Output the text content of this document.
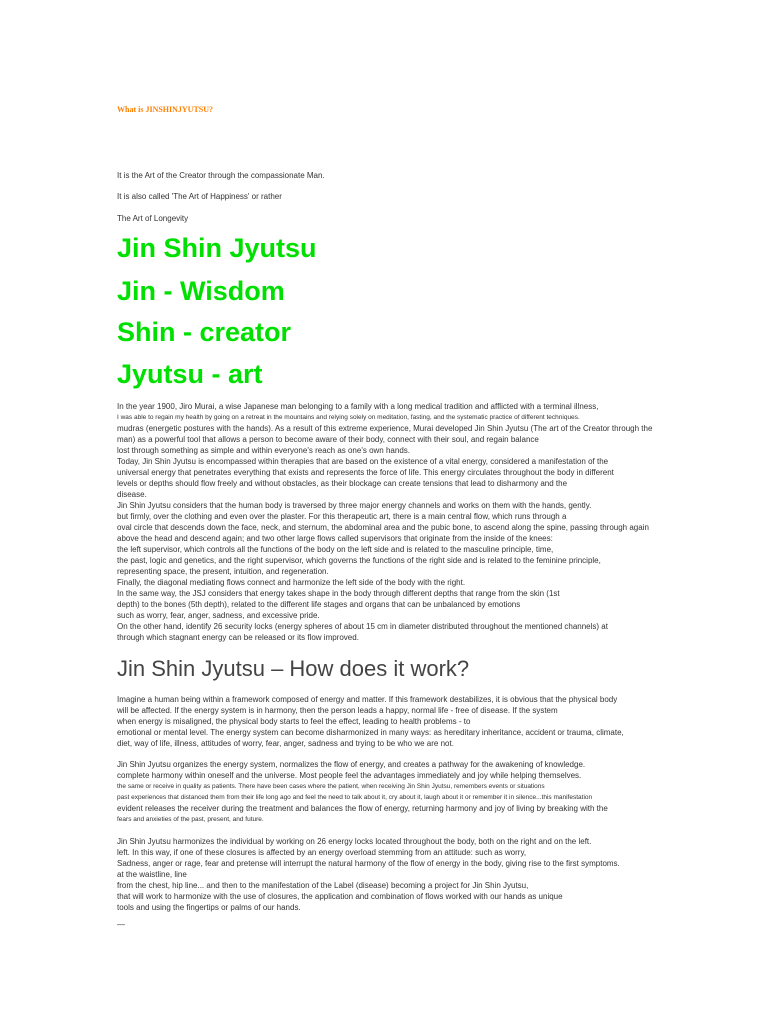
What is JINSHINJYUTSU?

It is the Art of the Creator through the compassionate Man.

It is also called 'The Art of Happiness' or rather

The Art of Longevity

Jin Shin Jyutsu
Jin - Wisdom
Shin - creator
Jyutsu - art
In the year 1900, Jiro Murai, a wise Japanese man belonging to a family with a long medical tradition and afflicted with a terminal illness,
I was able to regain my health by going on a retreat in the mountains and relying solely on meditation, fasting, and the systematic practice of different techniques.
mudras (energetic postures with the hands). As a result of this extreme experience, Murai developed Jin Shin Jyutsu (The art of the Creator through the
man) as a powerful tool that allows a person to become aware of their body, connect with their soul, and regain balance
lost through something as simple and within everyone's reach as one's own hands.
Today, Jin Shin Jyutsu is encompassed within therapies that are based on the existence of a vital energy, considered a manifestation of the
universal energy that penetrates everything that exists and represents the force of life. This energy circulates throughout the body in different
levels or depths should flow freely and without obstacles, as their blockage can create tensions that lead to disharmony and the
disease.
Jin Shin Jyutsu considers that the human body is traversed by three major energy channels and works on them with the hands, gently.
but firmly, over the clothing and even over the plaster. For this therapeutic art, there is a main central flow, which runs through a
oval circle that descends down the face, neck, and sternum, the abdominal area and the pubic bone, to ascend along the spine, passing through again
above the head and descend again; and two other large flows called supervisors that originate from the inside of the knees:
the left supervisor, which controls all the functions of the body on the left side and is related to the masculine principle, time,
the past, logic and genetics, and the right supervisor, which governs the functions of the right side and is related to the feminine principle,
representing space, the present, intuition, and regeneration.
Finally, the diagonal mediating flows connect and harmonize the left side of the body with the right.
In the same way, the JSJ considers that energy takes shape in the body through different depths that range from the skin (1st
depth) to the bones (5th depth), related to the different life stages and organs that can be unbalanced by emotions
such as worry, fear, anger, sadness, and excessive pride.
On the other hand, identify 26 security locks (energy spheres of about 15 cm in diameter distributed throughout the mentioned channels) at
through which stagnant energy can be released or its flow improved.
Jin Shin Jyutsu – How does it work?
Imagine a human being within a framework composed of energy and matter. If this framework destabilizes, it is obvious that the physical body
will be affected. If the energy system is in harmony, then the person leads a happy, normal life - free of disease. If the system
when energy is misaligned, the physical body starts to feel the effect, leading to health problems - to
emotional or mental level. The energy system can become disharmonized in many ways: as hereditary inheritance, accident or trauma, climate,
diet, way of life, illness, attitudes of worry, fear, anger, sadness and trying to be who we are not.
Jin Shin Jyutsu organizes the energy system, normalizes the flow of energy, and creates a pathway for the awakening of knowledge.
complete harmony within oneself and the universe. Most people feel the advantages immediately and joy while helping themselves.
the same or receive in quality as patients. There have been cases where the patient, when receiving Jin Shin Jyutsu, remembers events or situations
past experiences that distanced them from their life long ago and feel the need to talk about it, cry about it, laugh about it or remember it in silence...this manifestation
evident releases the receiver during the treatment and balances the flow of energy, returning harmony and joy of living by breaking with the
fears and anxieties of the past, present, and future.
Jin Shin Jyutsu harmonizes the individual by working on 26 energy locks located throughout the body, both on the right and on the left.
left. In this way, if one of these closures is affected by an energy overload stemming from an attitude: such as worry,
Sadness, anger or rage, fear and pretense will interrupt the natural harmony of the flow of energy in the body, giving rise to the first symptoms.
at the waistline, line
from the chest, hip line... and then to the manifestation of the Label (disease) becoming a project for Jin Shin Jyutsu,
that will work to harmonize with the use of closures, the application and combination of flows worked with our hands as unique
tools and using the fingertips or palms of our hands.

—
